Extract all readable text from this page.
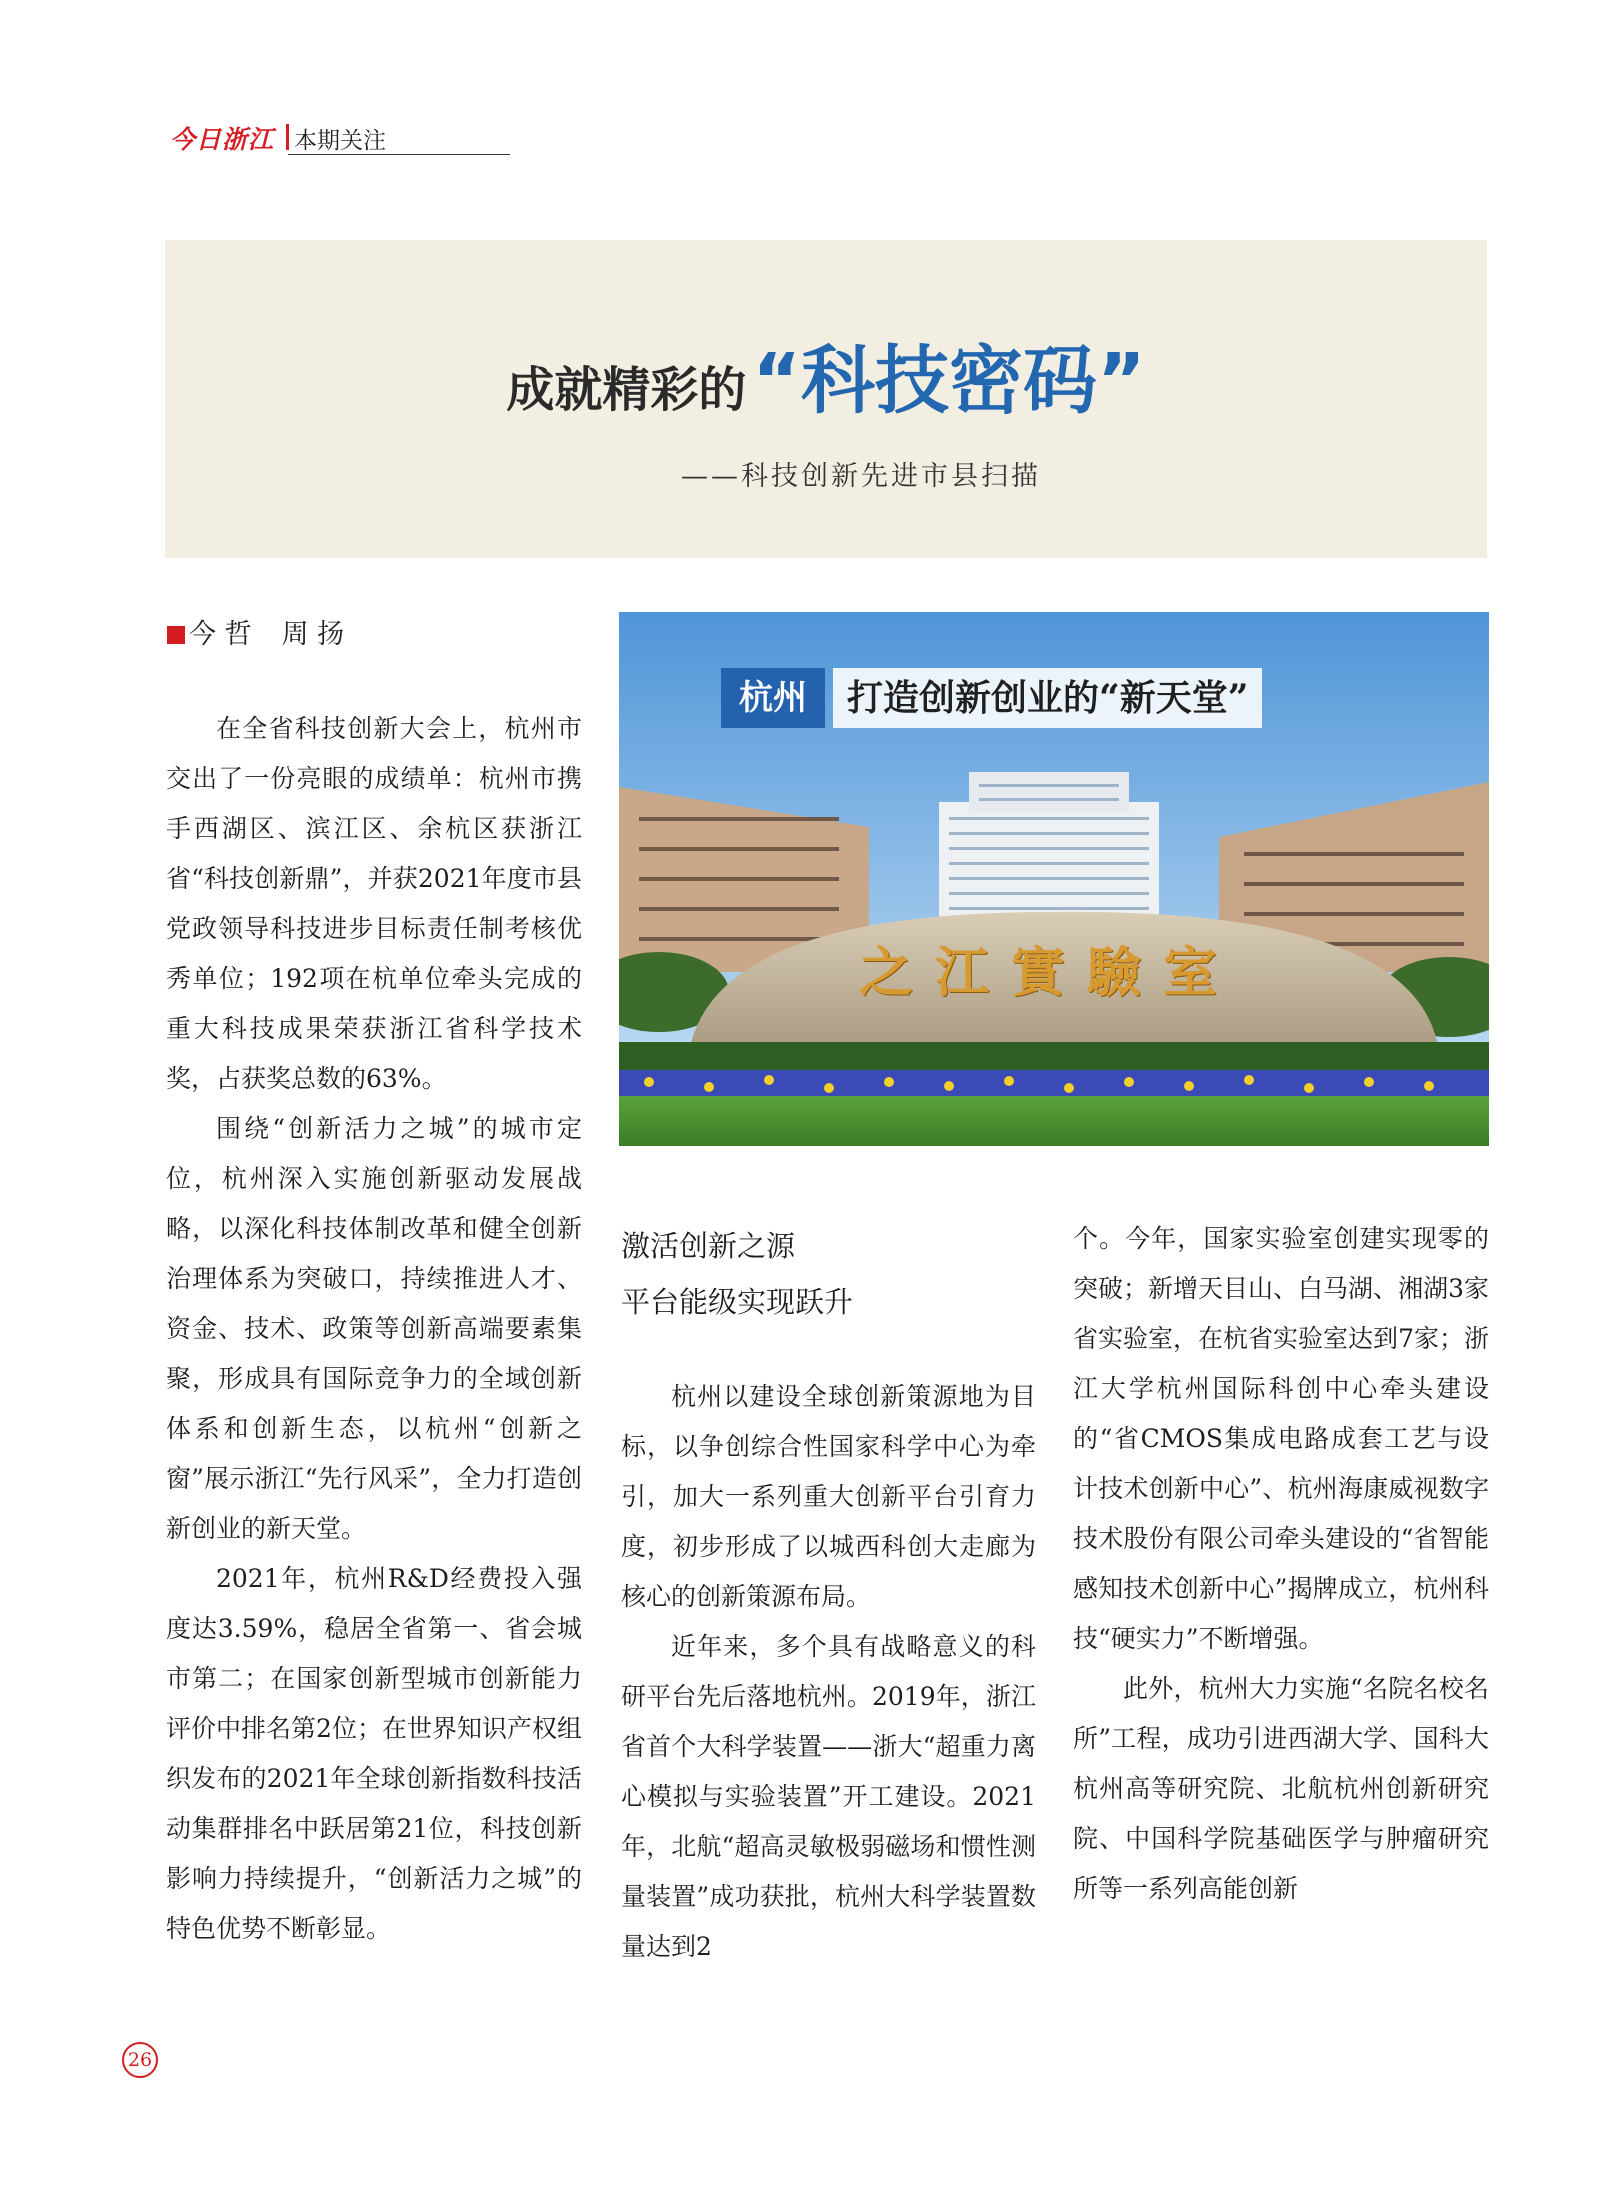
今日浙江 本期关注
成就精彩的“科技密码”
——科技创新先进市县扫描
今 哲 周 扬
之江實驗室
杭州	打造创新创业的“新天堂”

在全省科技创新大会上，杭州市交出了一份亮眼的成绩单：杭州市携手西湖区、滨江区、余杭区获浙江省“科技创新鼎”，并获2021年度市县党政领导科技进步目标责任制考核优秀单位；192项在杭单位牵头完成的重大科技成果荣获浙江省科学技术奖，占获奖总数的63%。

围绕“创新活力之城”的城市定位，杭州深入实施创新驱动发展战略，以深化科技体制改革和健全创新治理体系为突破口，持续推进人才、资金、技术、政策等创新高端要素集聚，形成具有国际竞争力的全域创新体系和创新生态，以杭州“创新之窗”展示浙江“先行风采”，全力打造创新创业的新天堂。

2021年，杭州R&D经费投入强度达3.59%，稳居全省第一、省会城市第二；在国家创新型城市创新能力评价中排名第2位；在世界知识产权组织发布的2021年全球创新指数科技活动集群排名中跃居第21位，科技创新影响力持续提升，“创新活力之城”的特色优势不断彰显。

激活创新之源
平台能级实现跃升

杭州以建设全球创新策源地为目标，以争创综合性国家科学中心为牵引，加大一系列重大创新平台引育力度，初步形成了以城西科创大走廊为核心的创新策源布局。

近年来，多个具有战略意义的科研平台先后落地杭州。2019年，浙江省首个大科学装置——浙大“超重力离心模拟与实验装置”开工建设。2021年，北航“超高灵敏极弱磁场和惯性测量装置”成功获批，杭州大科学装置数量达到2

个。今年，国家实验室创建实现零的突破；新增天目山、白马湖、湘湖3家省实验室，在杭省实验室达到7家；浙江大学杭州国际科创中心牵头建设的“省CMOS集成电路成套工艺与设计技术创新中心”、杭州海康威视数字技术股份有限公司牵头建设的“省智能感知技术创新中心”揭牌成立，杭州科技“硬实力”不断增强。

此外，杭州大力实施“名院名校名所”工程，成功引进西湖大学、国科大杭州高等研究院、北航杭州创新研究院、中国科学院基础医学与肿瘤研究所等一系列高能创新

26
